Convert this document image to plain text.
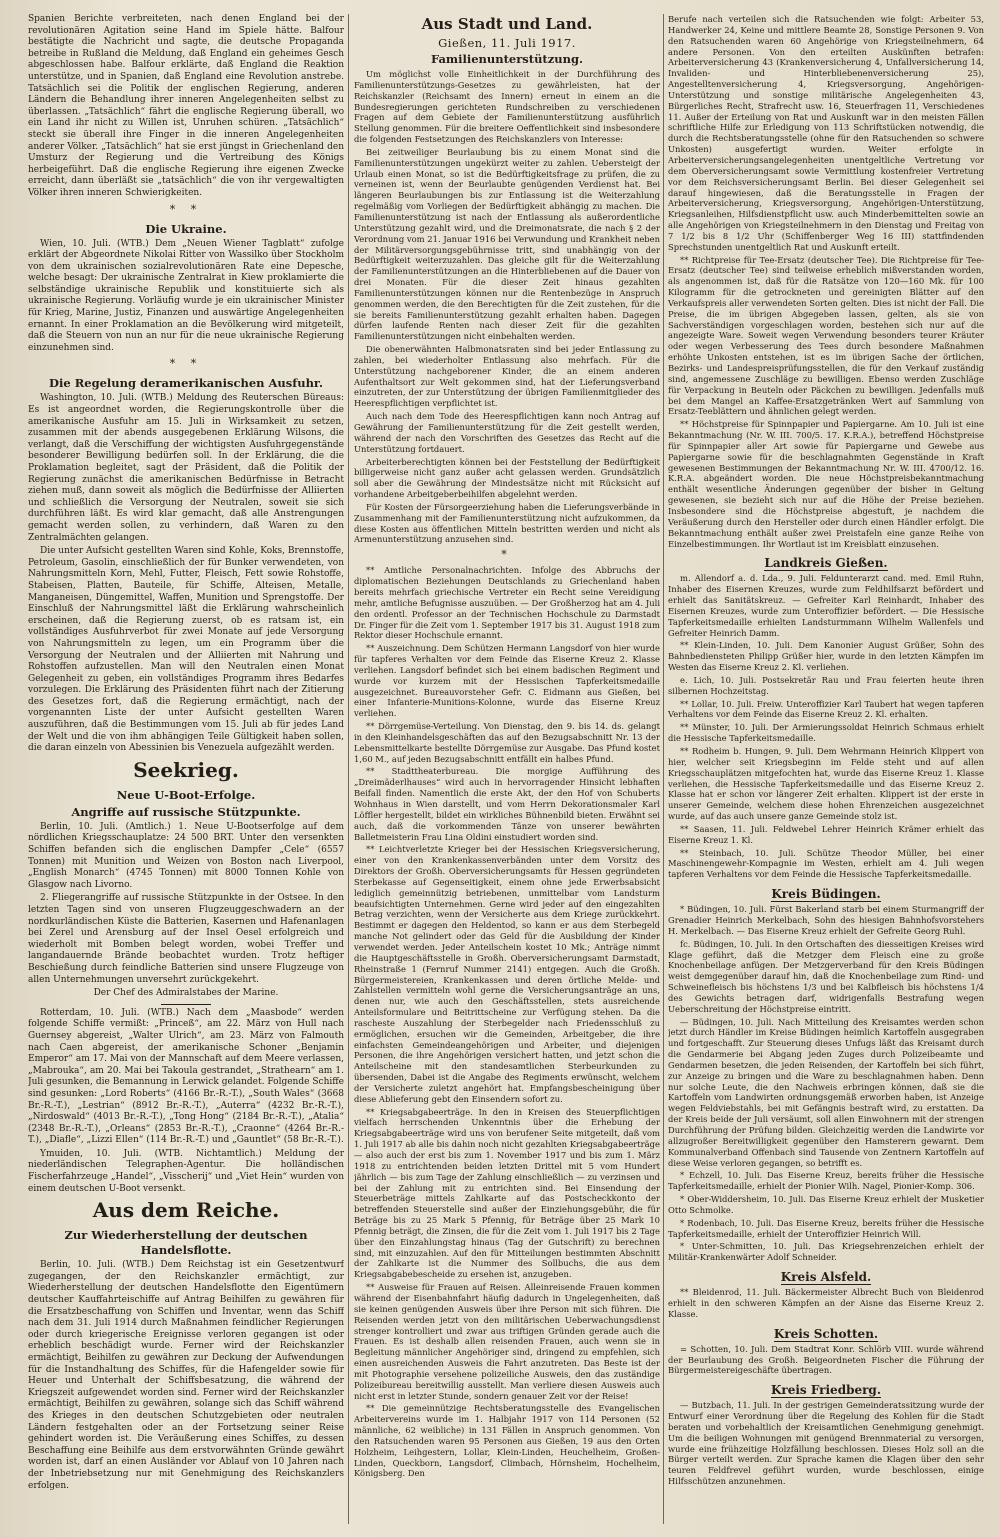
Spanien Berichte verbreiteten, nach denen England bei der revolutionären Agitation seine Hand im Spiele hätte. Balfour bestätigte die Nachricht und sagte, die deutsche Propaganda betreibe in Rußland die Meldung, daß England ein geheimes Gesch abgeschlossen habe. Balfour erklärte, daß England die Reaktion unterstütze, und in Spanien, daß England eine Revolution anstrebe. Tatsächlich sei die Politik der englischen Regierung, anderen Ländern die Behandlung ihrer inneren Angelegenheiten selbst zu überlassen. „Tatsächlich“ fährt die englische Regierung überall, wo ein Land ihr nicht zu Willen ist, Unruhen schüren. „Tatsächlich“ steckt sie überall ihre Finger in die inneren Angelegenheiten anderer Völker. „Tatsächlich“ hat sie erst jüngst in Griechenland den Umsturz der Regierung und die Vertreibung des Königs herbeigeführt. Daß die englische Regierung ihre eigenen Zwecke erreicht, dann überläßt sie „tatsächlich“ die von ihr vergewaltigten Völker ihren inneren Schwierigkeiten.

* *
Die Ukraine.

Wien, 10. Juli. (WTB.) Dem „Neuen Wiener Tagblatt“ zufolge erklärt der Abgeordnete Nikolai Ritter von Wassilko über Stockholm von dem ukrainischen sozialrevolutionären Rate eine Depesche, welche besagt: Der ukrainische Zentralrat in Kiew proklamierte die selbständige ukrainische Republik und konstituierte sich als ukrainische Regierung. Vorläufig wurde je ein ukrainischer Minister für Krieg, Marine, Justiz, Finanzen und auswärtige Angelegenheiten ernannt. In einer Proklamation an die Bevölkerung wird mitgeteilt, daß die Steuern von nun an nur für die neue ukrainische Regierung einzunehmen sind.

* *
Die Regelung deramerikanischen Ausfuhr.

Washington, 10. Juli. (WTB.) Meldung des Reuterschen Büreaus: Es ist angeordnet worden, die Regierungskontrolle über die amerikanische Ausfuhr am 15. Juli in Wirksamkeit zu setzen, zusammen mit der abends ausgegebenen Erklärung Wilsons, die verlangt, daß die Verschiffung der wichtigsten Ausfuhrgegenstände besonderer Bewilligung bedürfen soll. In der Erklärung, die die Proklamation begleitet, sagt der Präsident, daß die Politik der Regierung zunächst die amerikanischen Bedürfnisse in Betracht ziehen muß, dann soweit als möglich die Bedürfnisse der Alliierten und schließlich die Versorgung der Neutralen, soweit sie sich durchführen läßt. Es wird klar gemacht, daß alle Anstrengungen gemacht werden sollen, zu verhindern, daß Waren zu den Zentralmächten gelangen.

Die unter Aufsicht gestellten Waren sind Kohle, Koks, Brennstoffe, Petroleum, Gasolin, einschließlich der für Bunker verwendeten, von Nahrungsmitteln Korn, Mehl, Futter, Fleisch, Fett sowie Rohstoffe, Stabeisen, Platten, Bauteile, für Schiffe, Alteisen, Metalle, Manganeisen, Düngemittel, Waffen, Munition und Sprengstoffe. Der Einschluß der Nahrungsmittel läßt die Erklärung wahrscheinlich erscheinen, daß die Regierung zuerst, ob es ratsam ist, ein vollständiges Ausfuhrverbot für zwei Monate auf jede Versorgung von Nahrungsmitteln zu legen, um ein Programm über die Versorgung der Neutralen und der Alliierten mit Nahrung und Rohstoffen aufzustellen. Man will den Neutralen einen Monat Gelegenheit zu geben, ein vollständiges Programm ihres Bedarfes vorzulegen. Die Erklärung des Präsidenten führt nach der Zitierung des Gesetzes fort, daß die Regierung ermächtigt, nach der vorgenannten Liste der unter Aufsicht gestellten Waren auszuführen, daß die Bestimmungen vom 15. Juli ab für jedes Land der Welt und die von ihm abhängigen Teile Gültigkeit haben sollen, die daran einzeln von Abessinien bis Venezuela aufgezählt werden.

Seekrieg.
Neue U-Boot-Erfolge.
Angriffe auf russische Stützpunkte.

Berlin, 10. Juli. (Amtlich.) 1. Neue U-Bootserfolge auf dem nördlichen Kriegsschauplatze: 24 500 BRT. Unter den versenkten Schiffen befanden sich die englischen Dampfer „Cele“ (6557 Tonnen) mit Munition und Weizen von Boston nach Liverpool, „English Monarch“ (4745 Tonnen) mit 8000 Tonnen Kohle von Glasgow nach Livorno.

2. Fliegerangriffe auf russische Stützpunkte in der Ostsee. In den letzten Tagen sind von unseren Flugzeuggeschwadern an der nordkurländischen Küste die Batterien, Kasernen und Hafenanlagen bei Zerel und Arensburg auf der Insel Oesel erfolgreich und wiederholt mit Bomben belegt worden, wobei Treffer und langandauernde Brände beobachtet wurden. Trotz heftiger Beschießung durch feindliche Batterien sind unsere Flugzeuge von allen Unternehmungen unversehrt zurückgekehrt.

Der Chef des Admiralstabes der Marine.

Rotterdam, 10. Juli. (WTB.) Nach dem „Maasbode“ werden folgende Schiffe vermißt: „Princeß“, am 22. März von Hull nach Guernsey abgereist, „Walter Ulrich“, am 23. März von Falmouth nach Caen abgereist, der amerikanische Schoner „Benjamin Emperor“ am 17. Mai von der Mannschaft auf dem Meere verlassen, „Mabrouka“, am 20. Mai bei Takoula gestrandet, „Strathearn“ am 1. Juli gesunken, die Bemannung in Lerwick gelandet. Folgende Schiffe sind gesunken: „Lord Roberts“ (4166 Br.-R.-T.), „South Wales“ (3668 Br.-R.-T.), „Lestrian“ (8912 Br.-R.-T.), „Auterra“ (4232 Br.-R.-T.), „Nirdoswald“ (4013 Br.-R.-T.), „Tong Hong“ (2184 Br.-R.-T.), „Atalia“ (2348 Br.-R.-T.), „Orleans“ (2853 Br.-R.-T.), „Craonne“ (4264 Br.-R.-T.), „Diafle“, „Lizzi Ellen“ (114 Br.-R.-T.) und „Gauntlet“ (58 Br.-R.-T.).

Ymuiden, 10. Juli. (WTB. Nichtamtlich.) Meldung der niederländischen Telegraphen-Agentur. Die holländischen Fischerfahrzeuge „Handel“, „Visscherij“ und „Viet Hein“ wurden von einem deutschen U-Boot versenkt.

Aus dem Reiche.
Zur Wiederherstellung der deutschen Handelsflotte.

Berlin, 10. Juli. (WTB.) Dem Reichstag ist ein Gesetzentwurf zugegangen, der den Reichskanzler ermächtigt, zur Wiederherstellung der deutschen Handelsflotte den Eigentümern deutscher Kauffahrteischiffe auf Antrag Beihilfen zu gewähren für die Ersatzbeschaffung von Schiffen und Inventar, wenn das Schiff nach dem 31. Juli 1914 durch Maßnahmen feindlicher Regierungen oder durch kriegerische Ereignisse verloren gegangen ist oder erheblich beschädigt wurde. Ferner wird der Reichskanzler ermächtigt, Beihilfen zu gewähren zur Deckung der Aufwendungen für die Instandhaltung des Schiffes, für die Hafengelder sowie für Heuer und Unterhalt der Schiffsbesatzung, die während der Kriegszeit aufgewendet worden sind. Ferner wird der Reichskanzler ermächtigt, Beihilfen zu gewähren, solange sich das Schiff während des Krieges in den deutschen Schutzgebieten oder neutralen Ländern festgehalten oder an der Fortsetzung seiner Reise gehindert worden ist. Die Veräußerung eines Schiffes, zu dessen Beschaffung eine Beihilfe aus dem erstvorwähnten Gründe gewährt worden ist, darf an einen Ausländer vor Ablauf von 10 Jahren nach der Inbetriebsetzung nur mit Genehmigung des Reichskanzlers erfolgen.

Aus Stadt und Land.
Gießen, 11. Juli 1917.
Familienunterstützung.

Um möglichst volle Einheitlichkeit in der Durchführung des Familienunterstützungs-Gesetzes zu gewährleisten, hat der Reichskanzler (Reichsamt des Innern) erneut in einem an die Bundesregierungen gerichteten Rundschreiben zu verschiedenen Fragen auf dem Gebiete der Familienunterstützung ausführlich Stellung genommen. Für die breitere Oeffentlichkeit sind insbesondere die folgenden Festsetzungen des Reichskanzlers von Interesse:

Bei zeitweiliger Beurlaubung bis zu einem Monat sind die Familienunterstützungen ungekürzt weiter zu zahlen. Uebersteigt der Urlaub einen Monat, so ist die Bedürftigkeitsfrage zu prüfen, die zu verneinen ist, wenn der Beurlaubte genügenden Verdienst hat. Bei längeren Beurlaubungen bis zur Entlassung ist die Weiterzahlung regelmäßig vom Vorliegen der Bedürftigkeit abhängig zu machen. Die Familienunterstützung ist nach der Entlassung als außerordentliche Unterstützung gezahlt wird, und die Dreimonatsrate, die nach § 2 der Verordnung vom 21. Januar 1916 bei Verwundung und Krankheit neben der Militärversorgungsgebührnisse tritt, sind unabhängig von der Bedürftigkeit weiterzuzahlen. Das gleiche gilt für die Weiterzahlung der Familienunterstützungen an die Hinterbliebenen auf die Dauer von drei Monaten. Für die dieser Zeit hinaus gezahlten Familienunterstützungen können nur die Rentenbezüge in Anspruch genommen werden, die den Berechtigten für die Zeit zustehen, für die sie bereits Familienunterstützung gezahlt erhalten haben. Dagegen dürfen laufende Renten nach dieser Zeit für die gezahlten Familienunterstützungen nicht einbehalten werden.

Die obenerwähnten Halbmonatsraten sind bei jeder Entlassung zu zahlen, bei wiederholter Entlassung also mehrfach. Für die Unterstützung nachgeborener Kinder, die an einem anderen Aufenthaltsort zur Welt gekommen sind, hat der Lieferungsverband einzutreten, der zur Unterstützung der übrigen Familienmitglieder des Heerespflichtigen verpflichtet ist.

Auch nach dem Tode des Heerespflichtigen kann noch Antrag auf Gewährung der Familienunterstützung für die Zeit gestellt werden, während der nach den Vorschriften des Gesetzes das Recht auf die Unterstützung fortdauert.

Arbeiterberechtigten können bei der Feststellung der Bedürftigkeit billigerweise nicht ganz außer acht gelassen werden. Grundsätzlich soll aber die Gewährung der Mindestsätze nicht mit Rücksicht auf vorhandene Arbeitgeberbeihilfen abgelehnt werden.

Für Kosten der Fürsorgeerziehung haben die Lieferungsverbände in Zusammenhang mit der Familienunterstützung nicht aufzukommen, da diese Kosten aus öffentlichen Mitteln bestritten werden und nicht als Armenunterstützung anzusehen sind.

*

** Amtliche Personalnachrichten. Infolge des Abbruchs der diplomatischen Beziehungen Deutschlands zu Griechenland haben bereits mehrfach griechische Vertreter ein Recht seine Vereidigung mehr, amtliche Befugnisse auszuüben. — Der Großherzog hat am 4. Juli den ordentl. Professor an der Technischen Hochschule zu Darmstadt Dr. Finger für die Zeit vom 1. September 1917 bis 31. August 1918 zum Rektor dieser Hochschule ernannt.

** Auszeichnung. Dem Schützen Hermann Langsdorf von hier wurde für tapferes Verhalten vor dem Feinde das Eiserne Kreuz 2. Klasse verliehen. Langsdorf befindet sich bei einem badischen Regiment und wurde vor kurzem mit der Hessischen Tapferkeitsmedaille ausgezeichnet. Bureauvorsteher Gefr. C. Eidmann aus Gießen, bei einer Infanterie-Munitions-Kolonne, wurde das Eiserne Kreuz verliehen.

** Dörrgemüse-Verteilung. Von Dienstag, den 9. bis 14. ds. gelangt in den Kleinhandelsgeschäften das auf den Bezugsabschnitt Nr. 13 der Lebensmittelkarte bestellte Dörrgemüse zur Ausgabe. Das Pfund kostet 1,60 M., auf jeden Bezugsabschnitt entfällt ein halbes Pfund.

** Stadttheaterbureau. Die morgige Aufführung des „Dreimäderlhauses“ wird auch in hervorragender Hinsicht lebhaften Beifall finden. Namentlich die erste Akt, der den Hof von Schuberts Wohnhaus in Wien darstellt, und vom Herrn Dekorationsmaler Karl Löffler hergestellt, bildet ein wirkliches Bühnenbild bieten. Erwähnt sei auch, daß die vorkommenden Tänze von unserer bewährten Balletmeisterin Frau Lina Oldini einstudiert worden sind.

** Leichtverletzte Krieger bei der Hessischen Kriegsversicherung, einer von den Krankenkassenverbänden unter dem Vorsitz des Direktors der Großh. Oberversicherungsamts für Hessen gegründeten Sterbekasse auf Gegenseitigkeit, einem ohne jede Erwerbsabsicht lediglich gemeinnützig betriebenen, unmittelbar vom Landsturm beaufsichtigten Unternehmen. Gerne wird jeder auf den eingezahlten Betrag verzichten, wenn der Versicherte aus dem Kriege zurückkehrt. Bestimmt er dagegen den Heldentod, so kann er aus dem Sterbegeld manche Not gelindert oder das Geld für die Ausbildung der Kinder verwendet werden. Jeder Anteilschein kostet 10 Mk.; Anträge nimmt die Hauptgeschäftsstelle in Großh. Oberversicherungsamt Darmstadt, Rheinstraße 1 (Fernruf Nummer 2141) entgegen. Auch die Großh. Bürgermeistereien, Krankenkassen und deren örtliche Melde- und Zahlstellen vermitteln wohl gerne die Versicherungsanträge an uns, denen nur, wie auch den Geschäftsstellen, stets ausreichende Anteilsformulare und Beitrittscheine zur Verfügung stehen. Da die rascheste Auszahlung der Sterbegelder nach Friedensschluß zu ermöglichen, ersuchen wir die Gemeinden, Arbeitgeber, die ihre einfachsten Gemeindeangehörigen und Arbeiter, und diejenigen Personen, die ihre Angehörigen versichert hatten, und jetzt schon die Anteilscheine mit den standesamtlichen Sterbeurkunden zu übersenden, Dabei ist die Angabe des Regiments erwünscht, welchem der Versicherte zuletzt angehört hat. Empfangsbescheinigung über diese Ablieferung gebt den Einsendern sofort zu.

** Kriegsabgabeerträge. In den in Kreisen des Steuerpflichtigen vielfach herrschenden Unkenntnis über die Erhebung der Kriegsabgabeerträge wird uns von berufener Seite mitgeteilt, daß vom 1. Juli 1917 ab alle bis dahin noch nicht gezahlten Kriegsabgabeerträge — also auch der erst bis zum 1. November 1917 und bis zum 1. März 1918 zu entrichtenden beiden letzten Drittel mit 5 vom Hundert jährlich — bis zum Tage der Zahlung einschließlich — zu verzinsen und bei der Zahlung mit zu entrichten sind. Bei Einsendung der Steuerbeträge mittels Zahlkarte auf das Postscheckkonto der betreffenden Steuerstelle sind außer der Einziehungsgebühr, die für Beträge bis zu 25 Mark 5 Pfennig, für Beträge über 25 Mark 10 Pfennig beträgt, die Zinsen, die für die Zeit vom 1. Juli 1917 bis 2 Tage über den Einzahlungstag hinaus (Tag der Gutschrift) zu berechnen sind, mit einzuzahlen. Auf den für Mitteilungen bestimmten Abschnitt der Zahlkarte ist die Nummer des Sollbuchs, die aus dem Kriegsabgabebescheide zu ersehen ist, anzugeben.

** Ausweise für Frauen auf Reisen. Alleinreisende Frauen kommen während der Eisenbahnfahrt häufig dadurch in Ungelegenheiten, daß sie keinen genügenden Ausweis über ihre Person mit sich führen. Die Reisenden werden jetzt von den militärischen Ueberwachungsdienst strenger kontrolliert und zwar aus triftigen Gründen gerade auch die Frauen. Es ist deshalb allen reisenden Frauen, auch wenn sie in Begleitung männlicher Angehöriger sind, dringend zu empfehlen, sich einen ausreichenden Ausweis die Fahrt anzutreten. Das Beste ist der mit Photographie versehene polizeiliche Ausweis, den das zuständige Polizeibureau bereitwillig ausstellt. Man verliere diesen Ausweis auch nicht erst in letzter Stunde, sondern genauer Zeit vor der Reise!

** Die gemeinnützige Rechtsberatungsstelle des Evangelischen Arbeitervereins wurde im 1. Halbjahr 1917 von 114 Personen (52 männliche, 62 weibliche) in 131 Fällen in Anspruch genommen. Von den Ratsuchenden waren 95 Personen aus Gießen, 19 aus den Orten Holzheim, Leihgestern, Lollar, Klein-Linden, Heuchelheim, Großen-Linden, Queckborn, Langsdorf, Climbach, Hörnsheim, Hochelheim, Königsberg. Den

Berufe nach verteilen sich die Ratsuchenden wie folgt: Arbeiter 53, Handwerker 24, Keine und mittlere Beamte 28, Sonstige Personen 9. Von den Ratsuchenden waren 60 Angehörige von Kriegsteilnehmern, 64 andere Personen. Von den erteilten Auskünften betrafen: Arbeiterversicherung 43 (Krankenversicherung 4, Unfallversicherung 14, Invaliden- und Hinterbliebenenversicherung 25), Angestelltenversicherung 4, Kriegsversorgung, Angehörigen-Unterstützung und sonstige militärische Angelegenheiten 43, Bürgerliches Recht, Strafrecht usw. 16, Steuerfragen 11, Verschiedenes 11. Außer der Erteilung von Rat und Auskunft war in den meisten Fällen schriftliche Hilfe zur Erledigung von 113 Schriftstücken notwendig, die durch die Rechtsberatungsstelle (ohne für den Ratsuchenden so schwere Unkosten) ausgefertigt wurden. Weiter erfolgte in Arbeiterversicherungsangelegenheiten unentgeltliche Vertretung vor dem Oberversicherungsamt sowie Vermittlung kostenfreier Vertretung vor dem Reichsversicherungsamt Berlin. Bei dieser Gelegenheit sei darauf hingewiesen, daß die Beratungsstelle in Fragen der Arbeiterversicherung, Kriegsversorgung, Angehörigen-Unterstützung, Kriegsanleihen, Hilfsdienstpflicht usw. auch Minderbemittelten sowie an alle Angehörigen von Kriegsteilnehmern in den Dienstag und Freitag von 7 1/2 bis 8 1/2 Uhr (Schiffenberger Weg 16 III) stattfindenden Sprechstunden unentgeltlich Rat und Auskunft erteilt.

** Richtpreise für Tee-Ersatz (deutscher Tee). Die Richtpreise für Tee-Ersatz (deutscher Tee) sind teilweise erheblich mißverstanden worden, als angenommen ist, daß für die Ratsätze von 120—160 Mk. für 100 Kilogramm für die getrockneten und gereinigten Blätter auf den Verkaufspreis aller verwendeten Sorten gelten. Dies ist nicht der Fall. Die Preise, die im übrigen Abgegeben lassen, gelten, als sie von Sachverständigen vorgeschlagen worden, bestehen sich nur auf die angezeigte Ware. Soweit wegen Verwendung besonders teurer Kräuter oder wegen Verbesserung des Tees durch besondere Maßnahmen erhöhte Unkosten entstehen, ist es im übrigen Sache der örtlichen, Bezirks- und Landespreisprüfungsstellen, die für den Verkauf zuständig sind, angemessene Zuschläge zu bewilligen. Ebenso werden Zuschläge für Verpackung in Beuteln oder Päckchen zu bewilligen. Jedenfalls muß bei dem Mangel an Kaffee-Ersatzgetränken Wert auf Sammlung von Ersatz-Teeblättern und ähnlichen gelegt werden.

** Höchstpreise für Spinnpapier und Papiergarne. Am 10. Juli ist eine Bekanntmachung (Nr. W. III. 700/5. 17. K.R.A.), betreffend Höchstpreise für Spinnpapier aller Art sowie für Papiergarne und Gewebe aus Papiergarne sowie für die beschlagnahmten Gegenstände in Kraft gewesenen Bestimmungen der Bekanntmachung Nr. W. III. 4700/12. 16. K.R.A. abgeändert worden. Die neue Höchstpreisbekanntmachung enthält wesentliche Änderungen gegenüber der bisher in Geltung gewesenen, sie bezieht sich nur auf die Höhe der Preise beziehen. Insbesondere sind die Höchstpreise abgestuft, je nachdem die Veräußerung durch den Hersteller oder durch einen Händler erfolgt. Die Bekanntmachung enthält außer zwei Preistafeln eine ganze Reihe von Einzelbestimmungen. Ihr Wortlaut ist im Kreisblatt einzusehen.

Landkreis Gießen.

m. Allendorf a. d. Lda., 9. Juli. Feldunterarzt cand. med. Emil Ruhn, Inhaber des Eisernen Kreuzes, wurde zum Feldhilfsarzt befördert und erhielt das Sanitätskreuz. — Gefreiter Karl Reinhardt, Inhaber des Eisernen Kreuzes, wurde zum Unteroffizier befördert. — Die Hessische Tapferkeitsmedaille erhielten Landsturmmann Wilhelm Wallenfels und Gefreiter Heinrich Damm.

** Klein-Linden, 10. Juli. Dem Kanonier August Grüßer, Sohn des Bahnbediensteten Philipp Grüßer hier, wurde in den letzten Kämpfen im Westen das Eiserne Kreuz 2. Kl. verliehen.

e. Lich, 10. Juli. Postsekretär Rau und Frau feierten heute ihren silbernen Hochzeitstag.

** Lollar, 10. Juli. Freiw. Unteroffizier Karl Taubert hat wegen tapferen Verhaltens vor dem Feinde das Eiserne Kreuz 2. Kl. erhalten.

** Münster, 10. Juli. Der Armierungssoldat Heinrich Schmaus erhielt die Hessische Tapferkeitsmedaille.

** Rodheim b. Hungen, 9. Juli. Dem Wehrmann Heinrich Klippert von hier, welcher seit Kriegsbeginn im Felde steht und auf allen Kriegsschauplätzen mitgefochten hat, wurde das Eiserne Kreuz 1. Klasse verliehen, die Hessische Tapferkeitsmedaille und das Eiserne Kreuz 2. Klasse hat er schon vor längerer Zeit erhalten. Klippert ist der erste in unserer Gemeinde, welchem diese hohen Ehrenzeichen ausgezeichnet wurde, auf das auch unsere ganze Gemeinde stolz ist.

** Saasen, 11. Juli. Feldwebel Lehrer Heinrich Krämer erhielt das Eiserne Kreuz 1. Kl.

** Steinbach, 10. Juli. Schütze Theodor Müller, bei einer Maschinengewehr-Kompagnie im Westen, erhielt am 4. Juli wegen tapferen Verhaltens vor dem Feinde die Hessische Tapferkeitsmedaille.

Kreis Büdingen.

* Büdingen, 10. Juli. Fürst Bakerland starb bei einem Sturmangriff der Grenadier Heinrich Merkelbach, Sohn des hiesigen Bahnhofsvorstehers H. Merkelbach. — Das Eiserne Kreuz erhielt der Gefreite Georg Ruhl.

fc. Büdingen, 10. Juli. In den Ortschaften des diesseitigen Kreises wird Klage geführt, daß die Metzger dem Fleisch eine zu große Knochenbeilage anfügen. Der Metzgerverband für den Kreis Büdingen weist demgegenüber darauf hin, daß die Knochenbeilage zum Rind- und Schweinefleisch bis höchstens 1/3 und bei Kalbfleisch bis höchstens 1/4 des Gewichts betragen darf, widrigenfalls Bestrafung wegen Ueberschreitung der Höchstpreise eintritt.

— Büdingen, 10. Juli. Nach Mitteilung des Kreisamtes werden schon jetzt durch Händler im Kreise Büdingen heimlich Kartoffeln ausgegraben und fortgeschafft. Zur Steuerung dieses Unfugs läßt das Kreisamt durch die Gendarmerie bei Abgang jeden Zuges durch Polizeibeamte und Gendarmen besetzen, die jeden Reisenden, der Kartoffeln bei sich führt, zur Anzeige zu bringen und die Ware zu beschlagnahmen haben. Denn nur solche Leute, die den Nachweis erbringen können, daß sie die Kartoffeln vom Landwirten ordnungsgemäß erworben haben, ist Anzeige wegen Feldviebstahls, bei mit Gefängnis bestraft wird, zu erstatten. Da der Kreis beide der Juli versäumt, soll allen Einwohnern mit der strengen Durchführung der Prüfung bilden. Gleichzeitig werden die Landwirte vor allzugroßer Bereitwilligkeit gegenüber den Hamsterern gewarnt. Dem Kommunalverband Offenbach sind Tausende von Zentnern Kartoffeln auf diese Weise verloren gegangen, so betrifft es.

* Echzell, 10. Juli. Das Eiserne Kreuz, bereits früher die Hessische Tapferkeitsmedaille, erhielt der Pionier Wilh. Nagel, Pionier-Komp. 306.

* Ober-Widdersheim, 10. Juli. Das Eiserne Kreuz erhielt der Musketier Otto Schmolke.

* Rodenbach, 10. Juli. Das Eiserne Kreuz, bereits früher die Hessische Tapferkeitsmedaille, erhielt der Unteroffizier Heinrich Will.

* Unter-Schmitten, 10. Juli. Das Kriegsehrenzeichen erhielt der Militär-Krankenwärter Adolf Schneider.

Kreis Alsfeld.

** Bleidenrod, 11. Juli. Bäckermeister Albrecht Buch von Bleidenrod erhielt in den schweren Kämpfen an der Aisne das Eiserne Kreuz 2. Klasse.

Kreis Schotten.

= Schotten, 10. Juli. Dem Stadtrat Konr. Schlörb VIII. wurde während der Beurlaubung des Großh. Beigeordneten Fischer die Führung der Bürgermeistereigeschäfte übertragen.

Kreis Friedberg.

— Butzbach, 11. Juli. In der gestrigen Gemeinderatssitzung wurde der Entwurf einer Verordnung über die Regelung des Kohlen für die Stadt beraten und vorbehaltlich der Kreisamtlichen Genehmigung genehmigt. Um die beiligen Wohnungen mit genügend Brennmaterial zu versorgen, wurde eine frühzeitige Holzfällung beschlossen. Dieses Holz soll an die Bürger verteilt werden. Zur Sprache kamen die Klagen über den sehr teuren Feldfrevel geführt wurden, wurde beschlossen, einige Hilfsschützen anzunehmen.
